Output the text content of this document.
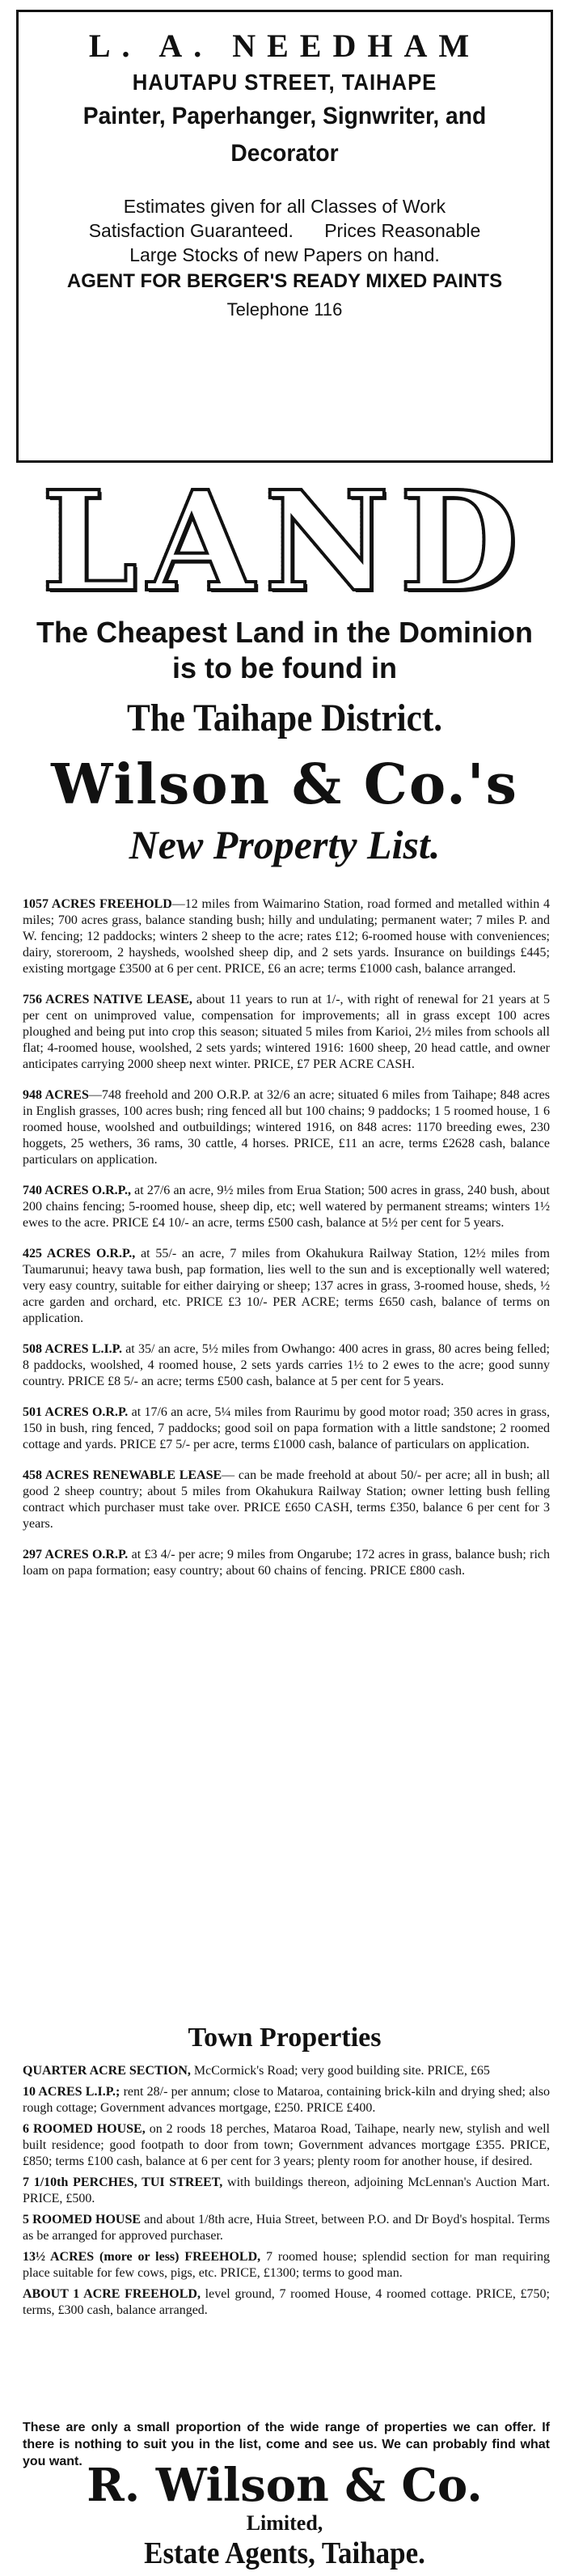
L. A. NEEDHAM
HAUTAPU STREET, TAIHAPE
Painter, Paperhanger, Signwriter, and
Decorator
Estimates given for all Classes of Work
Satisfaction Guaranteed.      Prices Reasonable
Large Stocks of new Papers on hand.
AGENT FOR BERGER'S READY MIXED PAINTS
Telephone 116
LAND
The Cheapest Land in the Dominion
is to be found in
The Taihape District.
Wilson & Co.'s
New Property List.

1057 ACRES FREEHOLD—12 miles from Waimarino Station, road formed and metalled within 4 miles; 700 acres grass, balance standing bush; hilly and undulating; permanent water; 7 miles P. and W. fencing; 12 paddocks; winters 2 sheep to the acre; rates £12; 6-roomed house with conveniences; dairy, storeroom, 2 haysheds, woolshed sheep dip, and 2 sets yards. Insurance on buildings £445; existing mortgage £3500 at 6 per cent. PRICE, £6 an acre; terms £1000 cash, balance arranged.

756 ACRES NATIVE LEASE, about 11 years to run at 1/-, with right of renewal for 21 years at 5 per cent on unimproved value, compensation for improvements; all in grass except 100 acres ploughed and being put into crop this season; situated 5 miles from Karioi, 2½ miles from schools all flat; 4-roomed house, woolshed, 2 sets yards; wintered 1916: 1600 sheep, 20 head cattle, and owner anticipates carrying 2000 sheep next winter. PRICE, £7 PER ACRE CASH.

948 ACRES—748 freehold and 200 O.R.P. at 32/6 an acre; situated 6 miles from Taihape; 848 acres in English grasses, 100 acres bush; ring fenced all but 100 chains; 9 paddocks; 1 5 roomed house, 1 6 roomed house, woolshed and outbuildings; wintered 1916, on 848 acres: 1170 breeding ewes, 230 hoggets, 25 wethers, 36 rams, 30 cattle, 4 horses. PRICE, £11 an acre, terms £2628 cash, balance particulars on application.

740 ACRES O.R.P., at 27/6 an acre, 9½ miles from Erua Station; 500 acres in grass, 240 bush, about 200 chains fencing; 5-roomed house, sheep dip, etc; well watered by permanent streams; winters 1½ ewes to the acre. PRICE £4 10/- an acre, terms £500 cash, balance at 5½ per cent for 5 years.

425 ACRES O.R.P., at 55/- an acre, 7 miles from Okahukura Railway Station, 12½ miles from Taumarunui; heavy tawa bush, pap formation, lies well to the sun and is exceptionally well watered; very easy country, suitable for either dairying or sheep; 137 acres in grass, 3-roomed house, sheds, ½ acre garden and orchard, etc. PRICE £3 10/- PER ACRE; terms £650 cash, balance of terms on application.

508 ACRES L.I.P. at 35/ an acre, 5½ miles from Owhango: 400 acres in grass, 80 acres being felled; 8 paddocks, woolshed, 4 roomed house, 2 sets yards carries 1½ to 2 ewes to the acre; good sunny country. PRICE £8 5/- an acre; terms £500 cash, balance at 5 per cent for 5 years.

501 ACRES O.R.P. at 17/6 an acre, 5¼ miles from Raurimu by good motor road; 350 acres in grass, 150 in bush, ring fenced, 7 paddocks; good soil on papa formation with a little sandstone; 2 roomed cottage and yards. PRICE £7 5/- per acre, terms £1000 cash, balance of particulars on application.

458 ACRES RENEWABLE LEASE— can be made freehold at about 50/- per acre; all in bush; all good 2 sheep country; about 5 miles from Okahukura Railway Station; owner letting bush felling contract which purchaser must take over. PRICE £650 CASH, terms £350, balance 6 per cent for 3 years.

297 ACRES O.R.P. at £3 4/- per acre; 9 miles from Ongarube; 172 acres in grass, balance bush; rich loam on papa formation; easy country; about 60 chains of fencing. PRICE £800 cash.

Town Properties

QUARTER ACRE SECTION, McCormick's Road; very good building site. PRICE, £65

10 ACRES L.I.P.; rent 28/- per annum; close to Mataroa, containing brick-kiln and drying shed; also rough cottage; Government advances mortgage, £250. PRICE £400.

6 ROOMED HOUSE, on 2 roods 18 perches, Mataroa Road, Taihape, nearly new, stylish and well built residence; good footpath to door from town; Government advances mortgage £355. PRICE, £850; terms £100 cash, balance at 6 per cent for 3 years; plenty room for another house, if desired.

7 1/10th PERCHES, TUI STREET, with buildings thereon, adjoining McLennan's Auction Mart. PRICE, £500.

5 ROOMED HOUSE and about 1/8th acre, Huia Street, between P.O. and Dr Boyd's hospital. Terms as be arranged for approved purchaser.

13½ ACRES (more or less) FREEHOLD, 7 roomed house; splendid section for man requiring place suitable for few cows, pigs, etc. PRICE, £1300; terms to good man.

ABOUT 1 ACRE FREEHOLD, level ground, 7 roomed House, 4 roomed cottage. PRICE, £750; terms, £300 cash, balance arranged.

These are only a small proportion of the wide range of properties we can offer. If there is nothing to suit you in the list, come and see us. We can probably find what you want. R. Wilson & Co.
Limited,
Estate Agents, Taihape.
